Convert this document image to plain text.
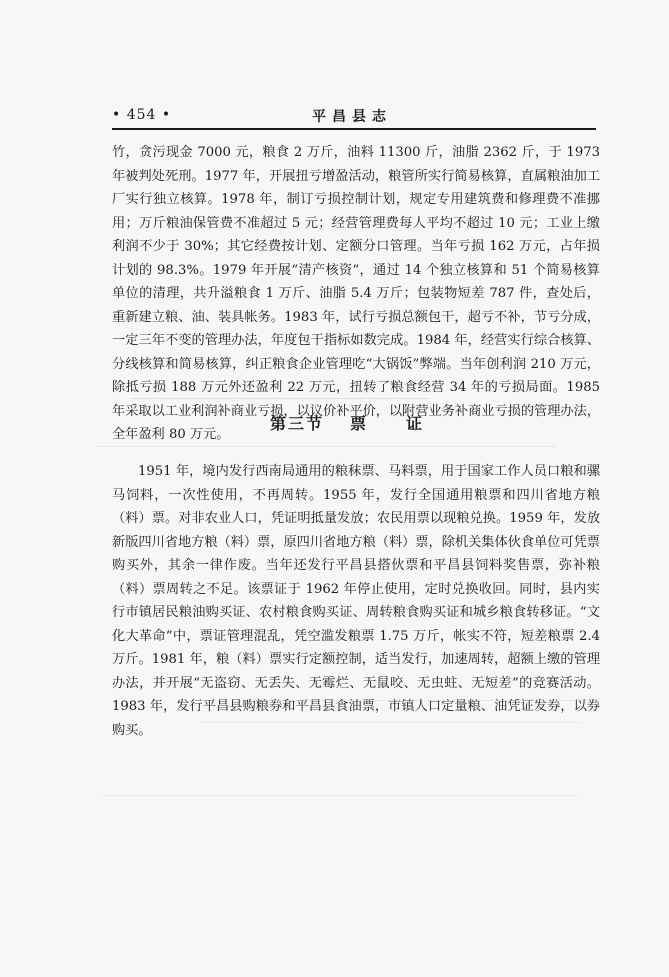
• 454 •	平昌县志
竹，贪污现金 7000 元，粮食 2 万斤，油料 11300 斤，油脂 2362 斤，于 1973 年被判处死刑。1977 年，开展扭亏增盈活动，粮管所实行简易核算，直属粮油加工厂实行独立核算。1978 年，制订亏损控制计划，规定专用建筑费和修理费不准挪用；万斤粮油保管费不准超过 5 元；经营管理费每人平均不超过 10 元；工业上缴利润不少于 30%；其它经费按计划、定额分口管理。当年亏损 162 万元，占年损计划的 98.3%。1979 年开展“清产核资”，通过 14 个独立核算和 51 个简易核算单位的清理，共升溢粮食 1 万斤、油脂 5.4 万斤；包装物短差 787 件，查处后，重新建立粮、油、装具帐务。1983 年，试行亏损总额包干，超亏不补，节亏分成，一定三年不变的管理办法，年度包干指标如数完成。1984 年，经营实行综合核算、分线核算和简易核算，纠正粮食企业管理吃“大锅饭”弊端。当年创利润 210 万元，除抵亏损 188 万元外还盈利 22 万元，扭转了粮食经营 34 年的亏损局面。1985 年采取以工业利润补商业亏损，以议价补平价，以附营业务补商业亏损的管理办法，全年盈利 80 万元。
第三节 票 证
1951 年，境内发行西南局通用的粮秣票、马料票，用于国家工作人员口粮和骡马饲料，一次性使用，不再周转。1955 年，发行全国通用粮票和四川省地方粮（料）票。对非农业人口，凭证明抵量发放；农民用票以现粮兑换。1959 年，发放新版四川省地方粮（料）票，原四川省地方粮（料）票，除机关集体伙食单位可凭票购买外，其余一律作废。当年还发行平昌县搭伙票和平昌县饲料奖售票，弥补粮（料）票周转之不足。该票证于 1962 年停止使用，定时兑换收回。同时，县内实行市镇居民粮油购买证、农村粮食购买证、周转粮食购买证和城乡粮食转移证。“文化大革命”中，票证管理混乱，凭空滥发粮票 1.75 万斤，帐实不符，短差粮票 2.4 万斤。1981 年，粮（料）票实行定额控制，适当发行，加速周转，超额上缴的管理办法，并开展“无盗窃、无丢失、无霉烂、无鼠咬、无虫蛀、无短差”的竞赛活动。1983 年，发行平昌县购粮券和平昌县食油票，市镇人口定量粮、油凭证发券，以券购买。
